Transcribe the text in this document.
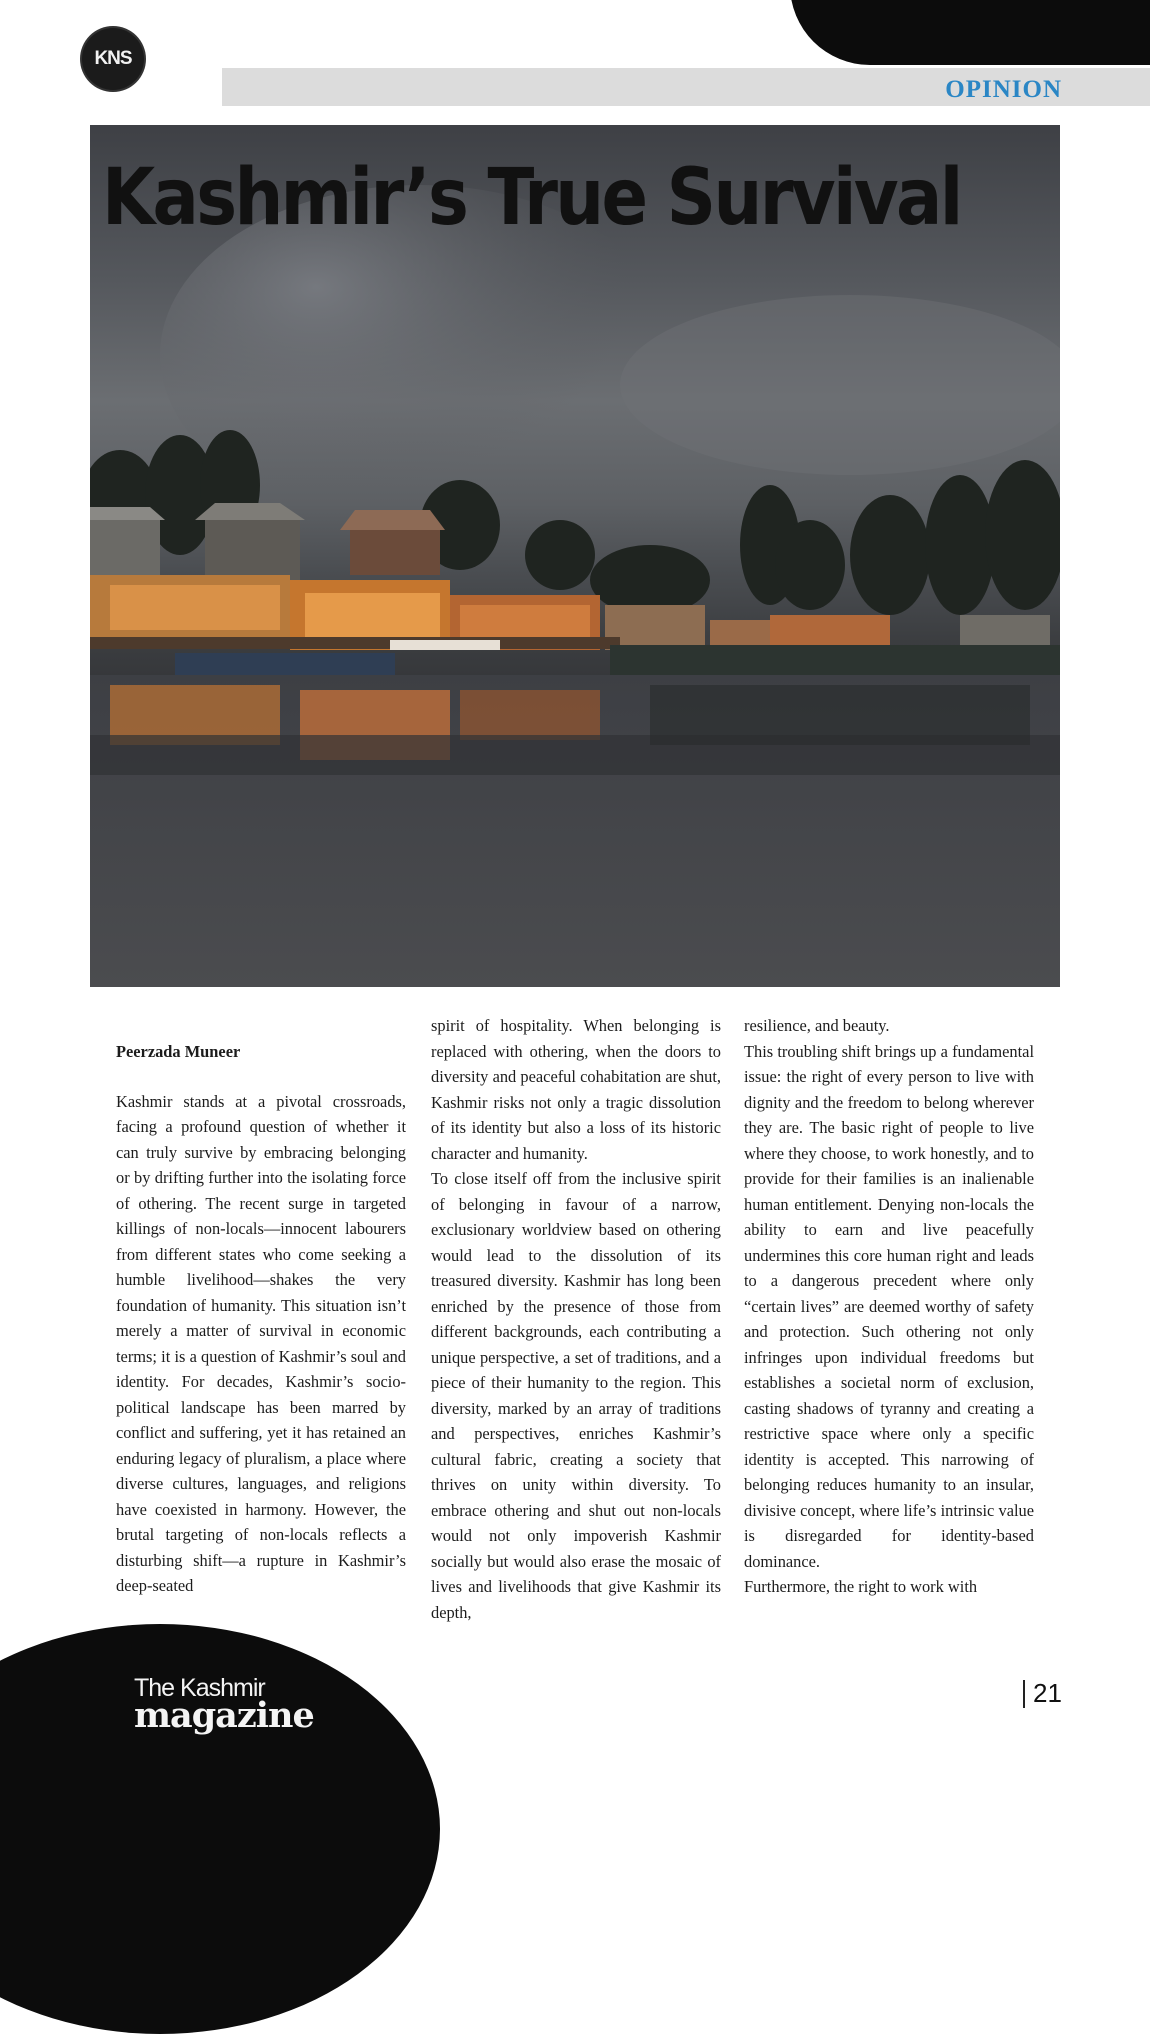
KNS
OPINION
Kashmir’s True Survival

Peerzada Muneer

Kashmir stands at a pivotal crossroads, facing a profound question of whether it can truly survive by embracing belonging or by drifting further into the isolating force of othering. The recent surge in targeted killings of non-locals—innocent labourers from different states who come seeking a humble livelihood—shakes the very foundation of humanity. This situation isn’t merely a matter of survival in economic terms; it is a question of Kashmir’s soul and identity. For decades, Kashmir’s socio-political landscape has been marred by conflict and suffering, yet it has retained an enduring legacy of pluralism, a place where diverse cultures, languages, and religions have coexisted in harmony. However, the brutal targeting of non-locals reflects a disturbing shift—a rupture in Kashmir’s deep-seated

spirit of hospitality. When belonging is replaced with othering, when the doors to diversity and peaceful cohabitation are shut, Kashmir risks not only a tragic dissolution of its identity but also a loss of its historic character and humanity.

To close itself off from the inclusive spirit of belonging in favour of a narrow, exclusionary worldview based on othering would lead to the dissolution of its treasured diversity. Kashmir has long been enriched by the presence of those from different backgrounds, each contributing a unique perspective, a set of traditions, and a piece of their humanity to the region. This diversity, marked by an array of traditions and perspectives, enriches Kashmir’s cultural fabric, creating a society that thrives on unity within diversity. To embrace othering and shut out non-locals would not only impoverish Kashmir socially but would also erase the mosaic of lives and livelihoods that give Kashmir its depth,

resilience, and beauty.

This troubling shift brings up a fundamental issue: the right of every person to live with dignity and the freedom to belong wherever they are. The basic right of people to live where they choose, to work honestly, and to provide for their families is an inalienable human entitlement. Denying non-locals the ability to earn and live peacefully undermines this core human right and leads to a dangerous precedent where only “certain lives” are deemed worthy of safety and protection. Such othering not only infringes upon individual freedoms but establishes a societal norm of exclusion, casting shadows of tyranny and creating a restrictive space where only a specific identity is accepted. This narrowing of belonging reduces humanity to an insular, divisive concept, where life’s intrinsic value is disregarded for identity-based dominance.

Furthermore, the right to work with

The Kashmir
magazine
21
